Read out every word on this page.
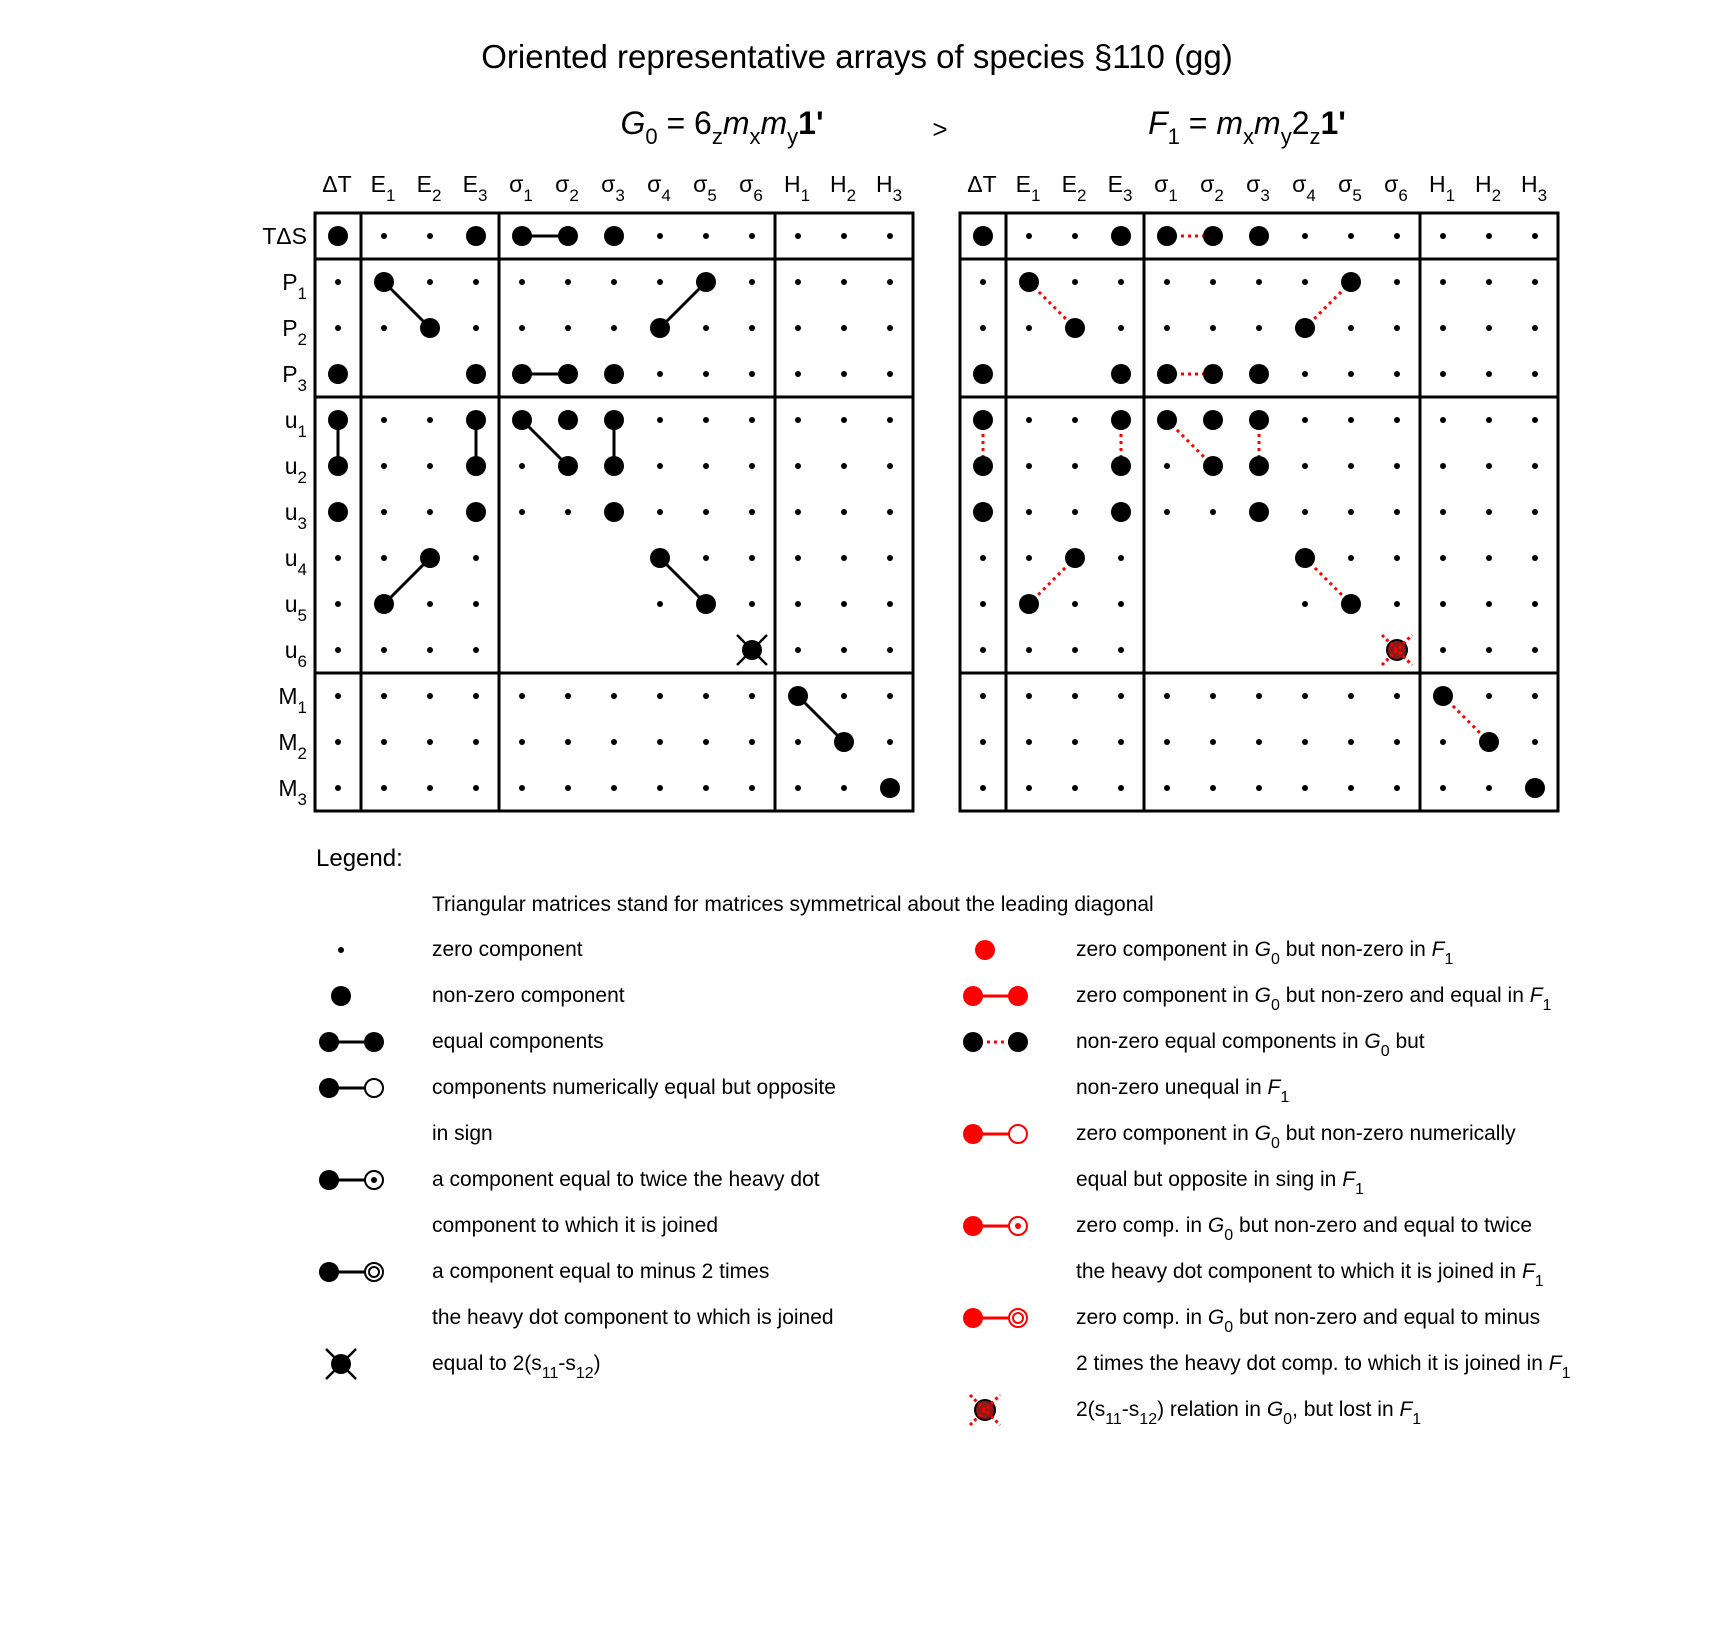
Oriented representative arrays of species §110 (gg)
>
$G_0 = 6_zm_xm_y1'$	$F_1 = m_xm_y2_z1'$
ΔT $E_1$ $E_2$ $E_3$ $\sigma_1$ $\sigma_2$ $\sigma_3$ $\sigma_4$ $\sigma_5$ $\sigma_6$ $H_1$ $H_2$ $H_3$
TΔS
$P_1$
$P_2$
$P_3$
$u_1$
$u_2$
$u_3$
$u_4$
$u_5$
$u_6$
$M_1$
$M_2$
$M_3$
ΔT $E_1$ $E_2$ $E_3$ $\sigma_1$ $\sigma_2$ $\sigma_3$ $\sigma_4$ $\sigma_5$ $\sigma_6$ $H_1$ $H_2$ $H_3$
Legend:
Triangular matrices stand for matrices symmetrical about the leading diagonal
zero component
non-zero component
equal components
components numerically equal but opposite
in sign
a component equal to twice the heavy dot
component to which it is joined
a component equal to minus 2 times
the heavy dot component to which is joined
equal to $2(s_{11}-s_{12})$
zero component in $G_0$ but non-zero in $F_1$
zero component in $G_0$ but non-zero and equal in $F_1$
non-zero equal components in $G_0$ but
non-zero unequal in $F_1$
zero component in $G_0$ but non-zero numerically
equal but opposite in sing in $F_1$
zero comp. in $G_0$ but non-zero and equal to twice
the heavy dot component to which it is joined in $F_1$
zero comp. in $G_0$ but non-zero and equal to minus
2 times the heavy dot comp. to which it is joined in $F_1$
$2(s_{11}-s_{12})$ relation in $G_0$, but lost in $F_1$
